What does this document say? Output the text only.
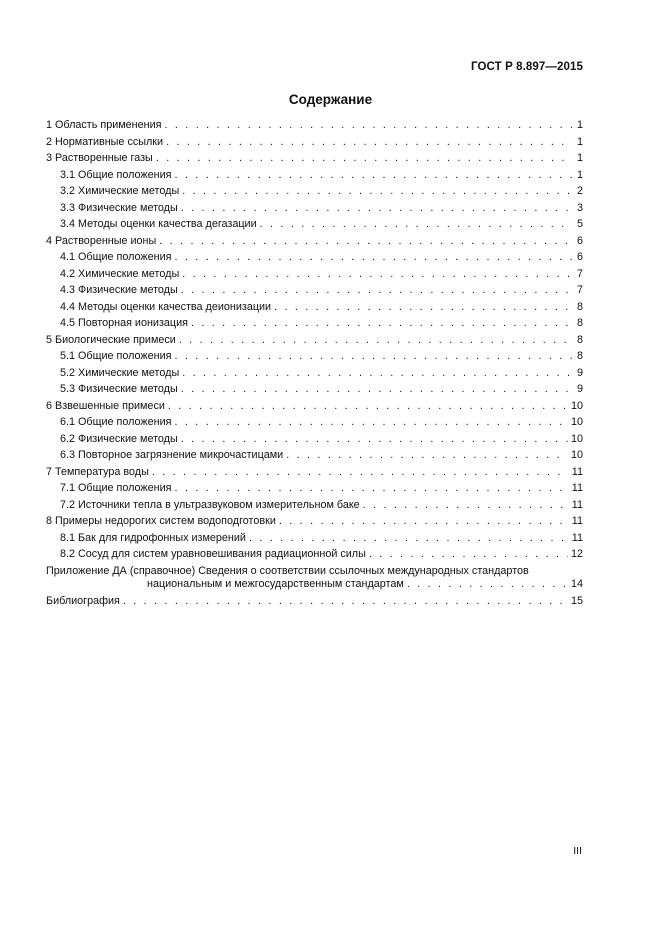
ГОСТ Р 8.897—2015
Содержание
1 Область применения . . .	1
2 Нормативные ссылки . . .	1
3 Растворенные газы . . .	1
3.1 Общие положения . . .	1
3.2 Химические методы . . .	2
3.3 Физические методы . . .	3
3.4 Методы оценки качества дегазации . . .	5
4 Растворенные ионы . . .	6
4.1 Общие положения . . .	6
4.2 Химические методы . . .	7
4.3 Физические методы . . .	7
4.4 Методы оценки качества деионизации . . .	8
4.5 Повторная ионизация . . .	8
5 Биологические примеси . . .	8
5.1 Общие положения . . .	8
5.2 Химические методы . . .	9
5.3 Физические методы . . .	9
6 Взвешенные примеси . . .	10
6.1 Общие положения . . .	10
6.2 Физические методы . . .	10
6.3 Повторное загрязнение микрочастицами . . .	10
7 Температура воды . . .	11
7.1 Общие положения . . .	11
7.2 Источники тепла в ультразвуковом измерительном баке . . .	11
8 Примеры недорогих систем водоподготовки . . .	11
8.1 Бак для гидрофонных измерений . . .	11
8.2 Сосуд для систем уравновешивания радиационной силы . . .	12
Приложение ДА (справочное) Сведения о соответствии ссылочных международных стандартов
национальным и межгосударственным стандартам . . .	14
Библиография . . .	15
III
